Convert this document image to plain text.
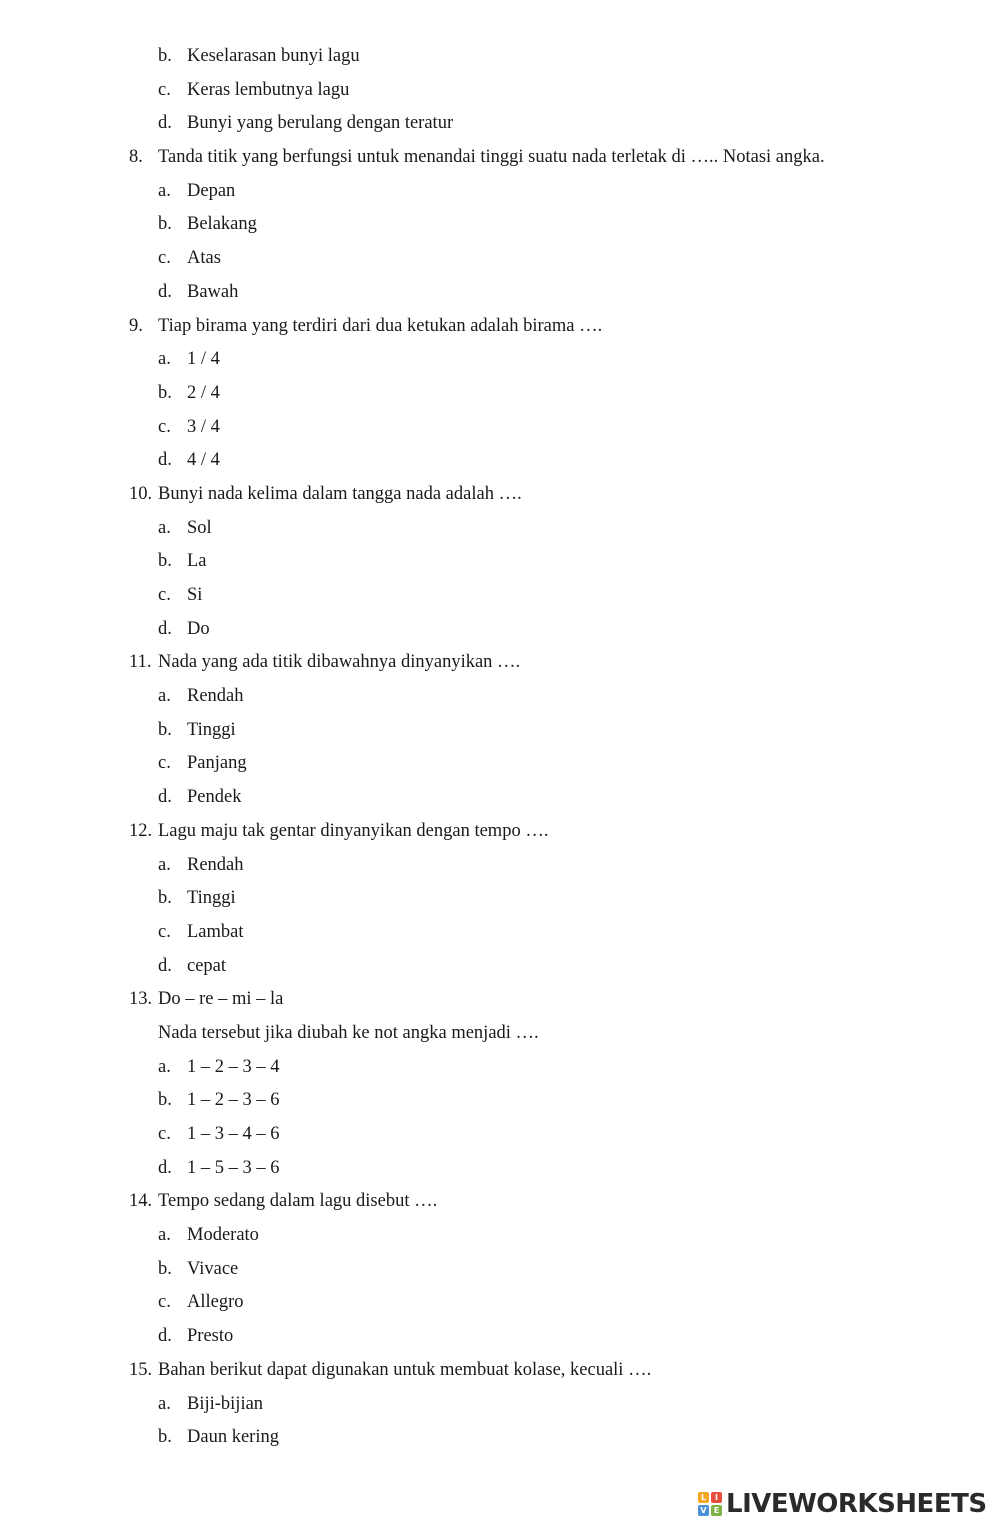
b. Keselarasan bunyi lagu
c. Keras lembutnya lagu
d. Bunyi yang berulang dengan teratur
8. Tanda titik yang berfungsi untuk menandai tinggi suatu nada terletak di ….. Notasi angka.
a. Depan
b. Belakang
c. Atas
d. Bawah
9. Tiap birama yang terdiri dari dua ketukan adalah birama ….
a. 1 / 4
b. 2 / 4
c. 3 / 4
d. 4 / 4
10. Bunyi nada kelima dalam tangga nada adalah ….
a. Sol
b. La
c. Si
d. Do
11. Nada yang ada titik dibawahnya dinyanyikan ….
a. Rendah
b. Tinggi
c. Panjang
d. Pendek
12. Lagu maju tak gentar dinyanyikan dengan tempo ….
a. Rendah
b. Tinggi
c. Lambat
d. cepat
13. Do – re – mi – la
Nada tersebut jika diubah ke not angka menjadi ….
a. 1 – 2 – 3 – 4
b. 1 – 2 – 3 – 6
c. 1 – 3 – 4 – 6
d. 1 – 5 – 3 – 6
14. Tempo sedang dalam lagu disebut ….
a. Moderato
b. Vivace
c. Allegro
d. Presto
15. Bahan berikut dapat digunakan untuk membuat kolase, kecuali ….
a. Biji-bijian
b. Daun kering
L	I
V E LIVEWORKSHEETS
